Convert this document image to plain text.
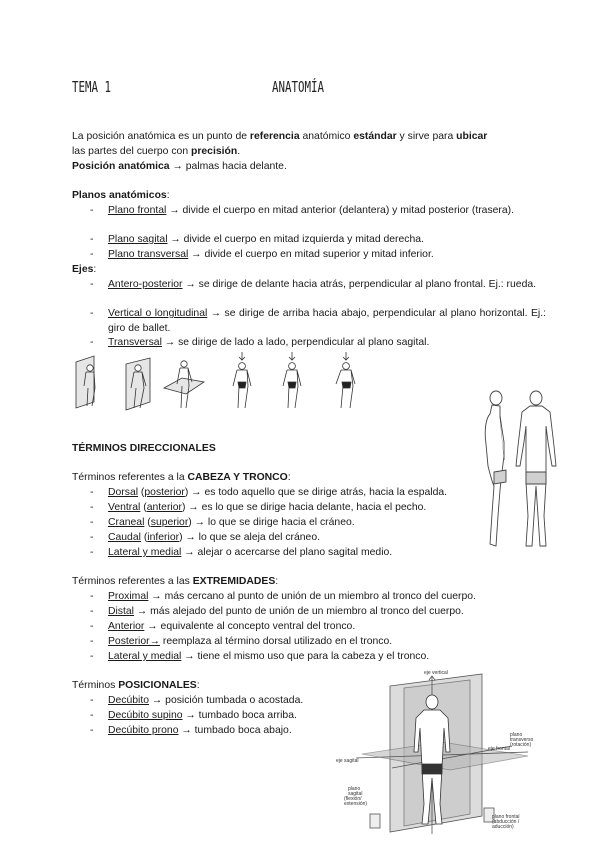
TEMA 1	ANATOMÍA
La posición anatómica es un punto de referencia anatómico estándar y sirve para ubicar
las partes del cuerpo con precisión.
Posición anatómica → palmas hacia delante.
Planos anatómicos:
- Plano frontal → divide el cuerpo en mitad anterior (delantera) y mitad posterior (trasera).
- Plano sagital → divide el cuerpo en mitad izquierda y mitad derecha.
- Plano transversal → divide el cuerpo en mitad superior y mitad inferior.
Ejes:
- Antero-posterior → se dirige de delante hacia atrás, perpendicular al plano frontal. Ej.: rueda.
- Vertical o longitudinal → se dirige de arriba hacia abajo, perpendicular al plano horizontal. Ej.: giro de ballet.
- Transversal → se dirige de lado a lado, perpendicular al plano sagital.
TÉRMINOS DIRECCIONALES
Términos referentes a la CABEZA Y TRONCO:
- Dorsal (posterior) → es todo aquello que se dirige atrás, hacia la espalda.
- Ventral (anterior) → es lo que se dirige hacia delante, hacia el pecho.
- Craneal (superior) → lo que se dirige hacia el cráneo.
- Caudal (inferior) → lo que se aleja del cráneo.
- Lateral y medial → alejar o acercarse del plano sagital medio.
Términos referentes a las EXTREMIDADES:
- Proximal → más cercano al punto de unión de un miembro al tronco del cuerpo.
- Distal → más alejado del punto de unión de un miembro al tronco del cuerpo.
- Anterior → equivalente al concepto ventral del tronco.
- Posterior→ reemplaza al término dorsal utilizado en el tronco.
- Lateral y medial → tiene el mismo uso que para la cabeza y el tronco.
Términos POSICIONALES:
- Decúbito → posición tumbada o acostada.
- Decúbito supino → tumbado boca arriba.
- Decúbito prono → tumbado boca abajo.
eje vertical
plano transverso (rotación)
eje frontal
eje sagital
plano sagital (flexión/ extensión)
plano frontal (abducción / aducción)
